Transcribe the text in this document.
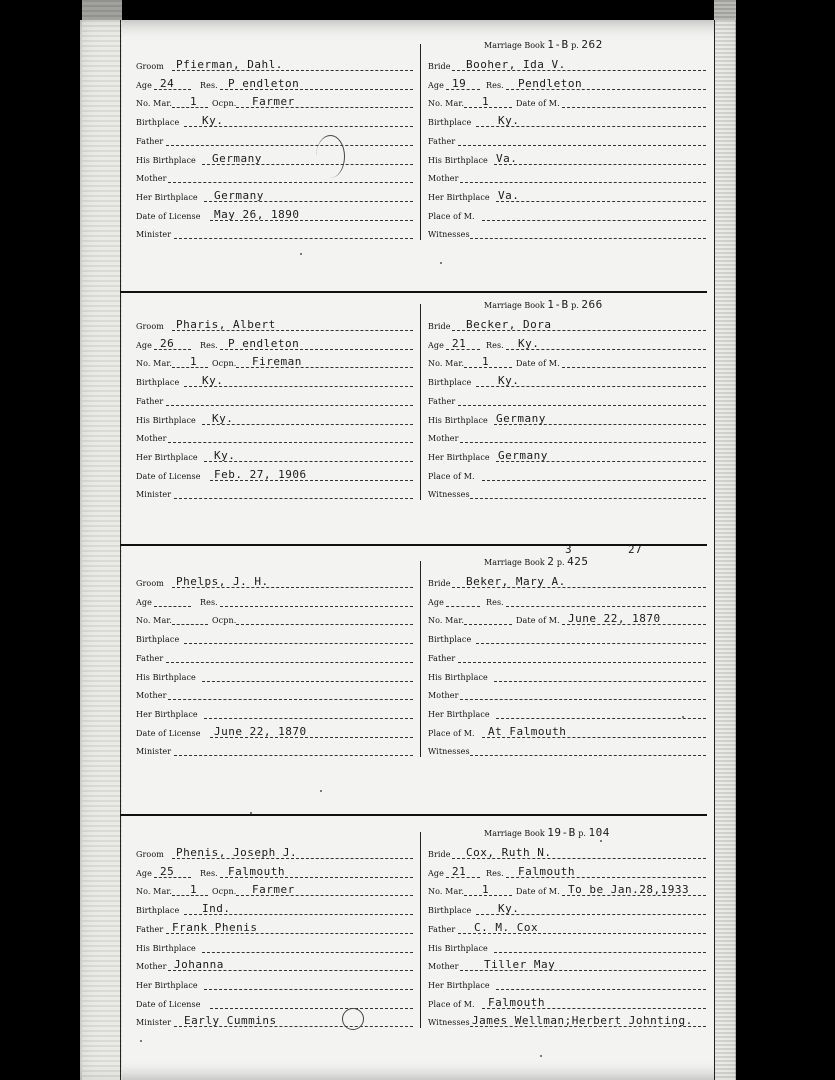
Groom Pfierman, Dahl.
Age 24	Res. P endleton
No. Mar. 1 Ocpn. Farmer
Birthplace Ky.
Father
His Birthplace Germany
Mother
Her Birthplace Germany
Date of License May 26, 1890
Minister
Marriage Book 1-B p. 262
Bride Booher, Ida V.
Age 19 Res. Pendleton
No. Mar. 1	Date of M.
Birthplace Ky.
Father
His Birthplace Va.
Mother
Her Birthplace Va.
Place of M.
Witnesses
Groom Pharis, Albert
Age 26	Res. P endleton
No. Mar. 1 Ocpn. Fireman
Birthplace Ky.
Father
His Birthplace Ky.
Mother
Her Birthplace Ky.
Date of License Feb. 27, 1906
Minister
Marriage Book 1-B p. 266
Bride Becker, Dora
Age 21 Res. Ky.
No. Mar. 1	Date of M.
Birthplace Ky.
Father
His Birthplace Germany
Mother
Her Birthplace Germany
Place of M.
Witnesses
Groom Phelps, J. H.
Age	Res.
No. Mar.	Ocpn.
Birthplace
Father
His Birthplace
Mother
Her Birthplace
Date of License June 22, 1870
Minister
Marriage Book 2 p. 425
Bride Beker, Mary A.
Age	Res.
No. Mar.	Date of M. June 22, 1870
Birthplace
Father
His Birthplace
Mother
Her Birthplace
Place of M. At Falmouth
Witnesses
Groom Phenis, Joseph J.
Age 25	Res. Falmouth
No. Mar. 1 Ocpn. Farmer
Birthplace Ind.
Father Frank Phenis
His Birthplace
Mother Johanna
Her Birthplace
Date of License
Minister Early Cummins
Marriage Book 19-B p. 104
Bride Cox, Ruth N.
Age 21 Res. Falmouth
No. Mar. 1	Date of M. To be Jan.28,1933
Birthplace Ky.
Father C. M. Cox
His Birthplace
Mother Tiller May
Her Birthplace
Place of M. Falmouth
Witnesses James Wellman;Herbert Johnting.
